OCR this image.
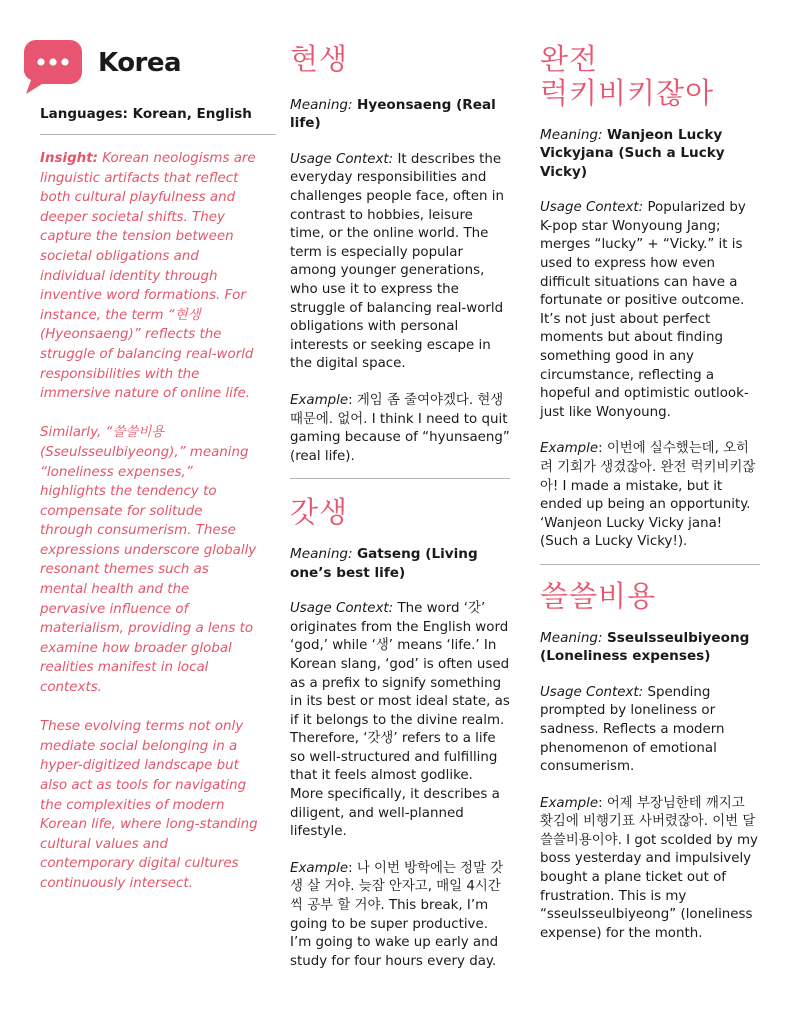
Korea
Languages: Korean, English

Insight: Korean neologisms are linguistic artifacts that reflect both cultural playfulness and deeper societal shifts. They capture the tension between societal obligations and individual identity through inventive word formations. For instance, the term “현생 (Hyeonsaeng)” reflects the struggle of balancing real-world responsibilities with the immersive nature of online life.

Similarly, “쓸쓸비용 (Sseulsseulbiyeong),” meaning “loneliness expenses,” highlights the tendency to compensate for solitude through consumerism. These expressions underscore globally resonant themes such as mental health and the pervasive influence of materialism, providing a lens to examine how broader global realities manifest in local contexts.

These evolving terms not only mediate social belonging in a hyper-digitized landscape but also act as tools for navigating the complexities of modern Korean life, where long-standing cultural values and contemporary digital cultures continuously intersect.

현생
Meaning: Hyeonsaeng (Real life)
Usage Context: It describes the everyday responsibilities and challenges people face, often in contrast to hobbies, leisure time, or the online world. The term is especially popular among younger generations, who use it to express the struggle of balancing real-world obligations with personal interests or seeking escape in the digital space.
Example: 게임 좀 줄여야겠다. 현생 때문에. 없어. I think I need to quit gaming because of “hyunsaeng” (real life).
갓생
Meaning: Gatseng (Living one’s best life)
Usage Context: The word ‘갓’ originates from the English word ‘god,’ while ‘생’ means ‘life.’ In Korean slang, ‘god’ is often used as a prefix to signify something in its best or most ideal state, as if it belongs to the divine realm. Therefore, ‘갓생’ refers to a life so well-structured and fulfilling that it feels almost godlike. More specifically, it describes a diligent, and well-planned lifestyle.
Example: 나 이번 방학에는 정말 갓생 살 거야. 늦잠 안자고, 매일 4시간씩 공부 할 거야. This break, I’m going to be super productive. I’m going to wake up early and study for four hours every day.
완전
럭키비키잖아
Meaning: Wanjeon Lucky Vickyjana (Such a Lucky Vicky)
Usage Context: Popularized by K-pop star Wonyoung Jang; merges “lucky” + “Vicky.” it is used to express how even difficult situations can have a fortunate or positive outcome. It’s not just about perfect moments but about finding something good in any circumstance, reflecting a hopeful and optimistic outlook- just like Wonyoung.
Example: 이번에 실수했는데, 오히려 기회가 생겼잖아. 완전 럭키비키잖아! I made a mistake, but it ended up being an opportunity. ‘Wanjeon Lucky Vicky jana! (Such a Lucky Vicky!).
쓸쓸비용
Meaning: Sseulsseulbiyeong (Loneliness expenses)
Usage Context: Spending prompted by loneliness or sadness. Reflects a modern phenomenon of emotional consumerism.
Example: 어제 부장님한테 깨지고 홧김에 비행기표 사버렸잖아. 이번 달 쓸쓸비용이야. I got scolded by my boss yesterday and impulsively bought a plane ticket out of frustration. This is my “sseulsseulbiyeong” (loneliness expense) for the month.
